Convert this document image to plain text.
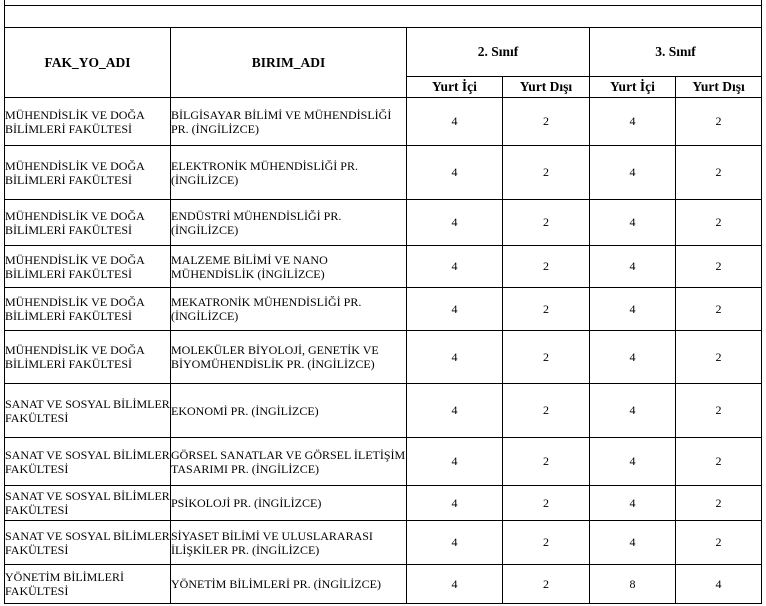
FAK_YO_ADI	BIRIM_ADI	2. Sınıf		3. Sınıf	
		Yurt İçi	Yurt Dışı	Yurt İçi	Yurt Dışı
MÜHENDİSLİK VE DOĞA BİLİMLERİ FAKÜLTESİ	BİLGİSAYAR BİLİMİ VE MÜHENDİSLİĞİ PR. (İNGİLİZCE)	4	2	4	2
MÜHENDİSLİK VE DOĞA BİLİMLERİ FAKÜLTESİ	ELEKTRONİK MÜHENDİSLİĞİ PR. (İNGİLİZCE)	4	2	4	2
MÜHENDİSLİK VE DOĞA BİLİMLERİ FAKÜLTESİ	ENDÜSTRİ MÜHENDİSLİĞİ PR. (İNGİLİZCE)	4	2	4	2
MÜHENDİSLİK VE DOĞA BİLİMLERİ FAKÜLTESİ	MALZEME BİLİMİ VE NANO MÜHENDİSLİK (İNGİLİZCE)	4	2	4	2
MÜHENDİSLİK VE DOĞA BİLİMLERİ FAKÜLTESİ	MEKATRONİK MÜHENDİSLİĞİ PR. (İNGİLİZCE)	4	2	4	2
MÜHENDİSLİK VE DOĞA BİLİMLERİ FAKÜLTESİ	MOLEKÜLER BİYOLOJİ, GENETİK VE BİYOMÜHENDİSLİK PR. (İNGİLİZCE)	4	2	4	2
SANAT VE SOSYAL BİLİMLER FAKÜLTESİ	EKONOMİ PR. (İNGİLİZCE)	4	2	4	2
SANAT VE SOSYAL BİLİMLER FAKÜLTESİ	GÖRSEL SANATLAR VE GÖRSEL İLETİŞİM TASARIMI PR. (İNGİLİZCE)	4	2	4	2
SANAT VE SOSYAL BİLİMLER FAKÜLTESİ	PSİKOLOJİ PR. (İNGİLİZCE)	4	2	4	2
SANAT VE SOSYAL BİLİMLER FAKÜLTESİ	SİYASET BİLİMİ VE ULUSLARARASI İLİŞKİLER PR. (İNGİLİZCE)	4	2	4	2
YÖNETİM BİLİMLERİ FAKÜLTESİ	YÖNETİM BİLİMLERİ PR. (İNGİLİZCE)	4	2	8	4
